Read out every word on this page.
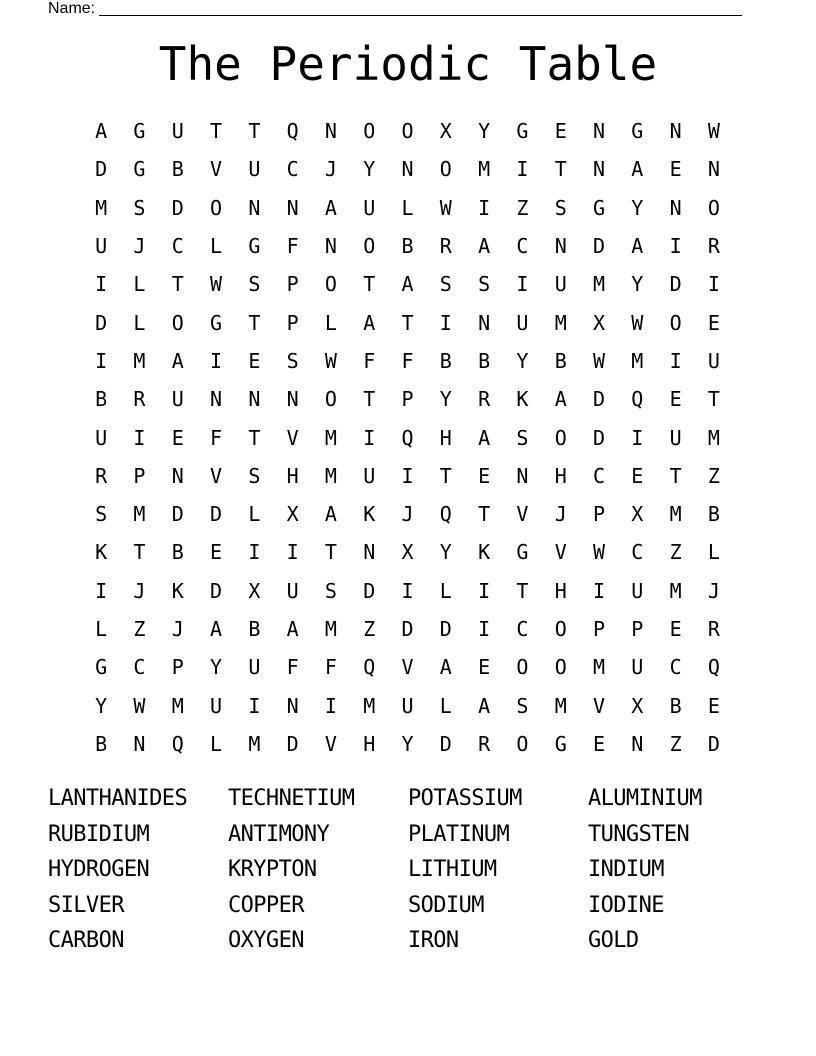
Name:
The Periodic Table
A	G	U	T	T	Q	N	O	O	X	Y	G	E	N	G	N	W
D	G	B	V	U	C	J	Y	N	O	M	I	T	N	A	E	N
M	S	D	O	N	N	A	U	L	W	I	Z	S	G	Y	N	O
U	J	C	L	G	F	N	O	B	R	A	C	N	D	A	I	R
I	L	T	W	S	P	O	T	A	S	S	I	U	M	Y	D	I
D	L	O	G	T	P	L	A	T	I	N	U	M	X	W	O	E
I	M	A	I	E	S	W	F	F	B	B	Y	B	W	M	I	U
B	R	U	N	N	N	O	T	P	Y	R	K	A	D	Q	E	T
U	I	E	F	T	V	M	I	Q	H	A	S	O	D	I	U	M
R	P	N	V	S	H	M	U	I	T	E	N	H	C	E	T	Z
S	M	D	D	L	X	A	K	J	Q	T	V	J	P	X	M	B
K	T	B	E	I	I	T	N	X	Y	K	G	V	W	C	Z	L
I	J	K	D	X	U	S	D	I	L	I	T	H	I	U	M	J
L	Z	J	A	B	A	M	Z	D	D	I	C	O	P	P	E	R
G	C	P	Y	U	F	F	Q	V	A	E	O	O	M	U	C	Q
Y	W	M	U	I	N	I	M	U	L	A	S	M	V	X	B	E
B	N	Q	L	M	D	V	H	Y	D	R	O	G	E	N	Z	D
LANTHANIDES	TECHNETIUM	POTASSIUM	ALUMINIUM
RUBIDIUM	ANTIMONY	PLATINUM	TUNGSTEN
HYDROGEN	KRYPTON	LITHIUM	INDIUM
SILVER	COPPER	SODIUM	IODINE
CARBON	OXYGEN	IRON	GOLD
